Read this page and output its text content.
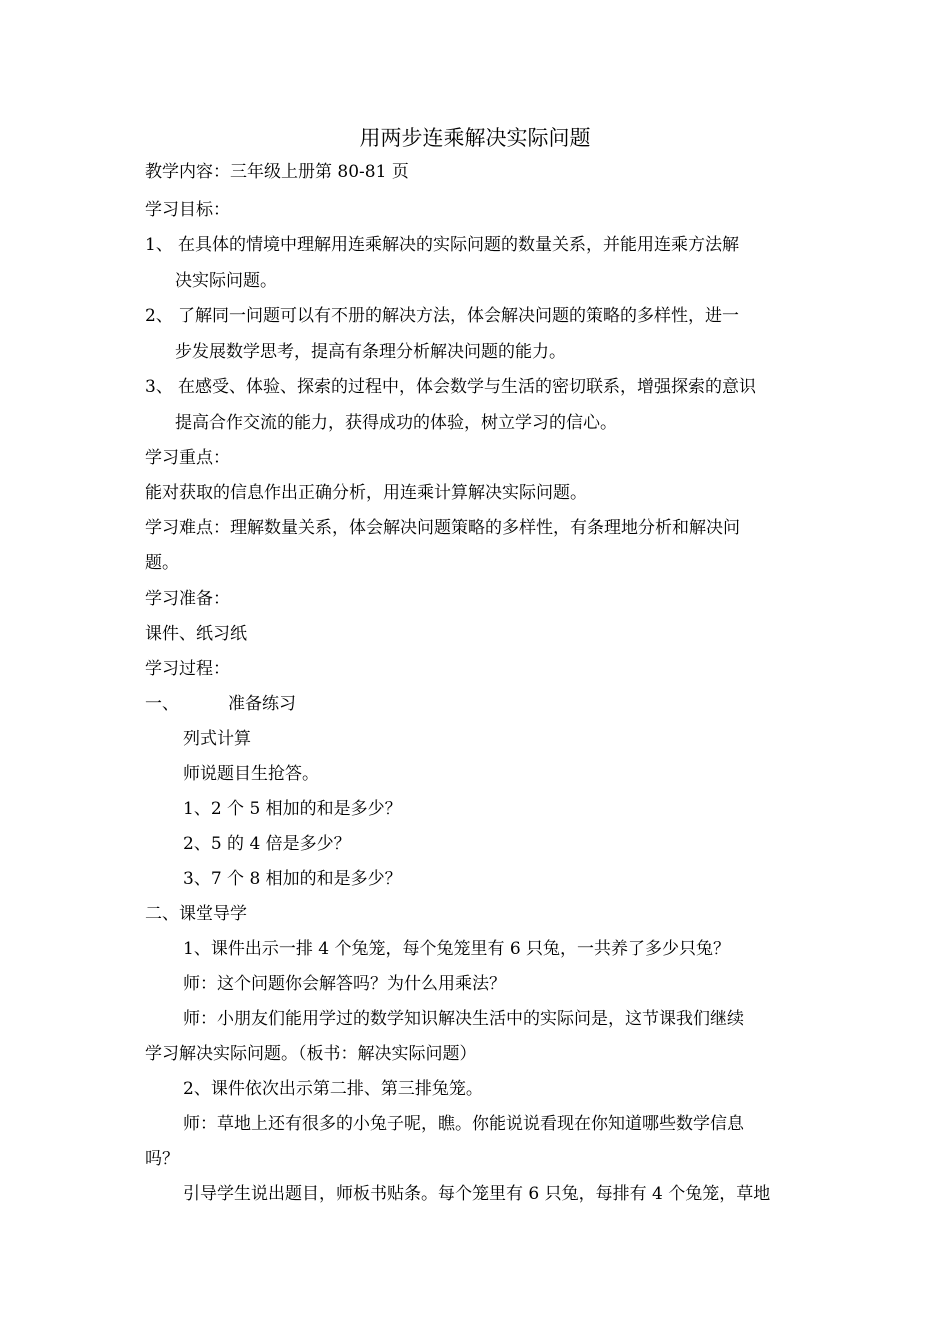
用两步连乘解决实际问题
教学内容：三年级上册第 80-81 页
学习目标：
1、 在具体的情境中理解用连乘解决的实际问题的数量关系，并能用连乘方法解
决实际问题。
2、 了解同一问题可以有不册的解决方法，体会解决问题的策略的多样性，进一
步发展数学思考，提高有条理分析解决问题的能力。
3、 在感受、体验、探索的过程中，体会数学与生活的密切联系，增强探索的意识
提高合作交流的能力，获得成功的体验，树立学习的信心。
学习重点：
能对获取的信息作出正确分析，用连乘计算解决实际问题。
学习难点：理解数量关系，体会解决问题策略的多样性，有条理地分析和解决问
题。
学习准备：
课件、纸习纸
学习过程：
一、	准备练习
列式计算
师说题目生抢答。
1、2 个 5 相加的和是多少？
2、5 的 4 倍是多少？
3、7 个 8 相加的和是多少？
二、课堂导学
1、课件出示一排 4 个兔笼，每个兔笼里有 6 只兔，一共养了多少只兔？
师：这个问题你会解答吗？为什么用乘法？
师：小朋友们能用学过的数学知识解决生活中的实际问是，这节课我们继续
学习解决实际问题。（板书：解决实际问题）
2、课件依次出示第二排、第三排兔笼。
师：草地上还有很多的小兔子呢，瞧。你能说说看现在你知道哪些数学信息
吗？
引导学生说出题目，师板书贴条。每个笼里有 6 只兔，每排有 4 个兔笼，草地
